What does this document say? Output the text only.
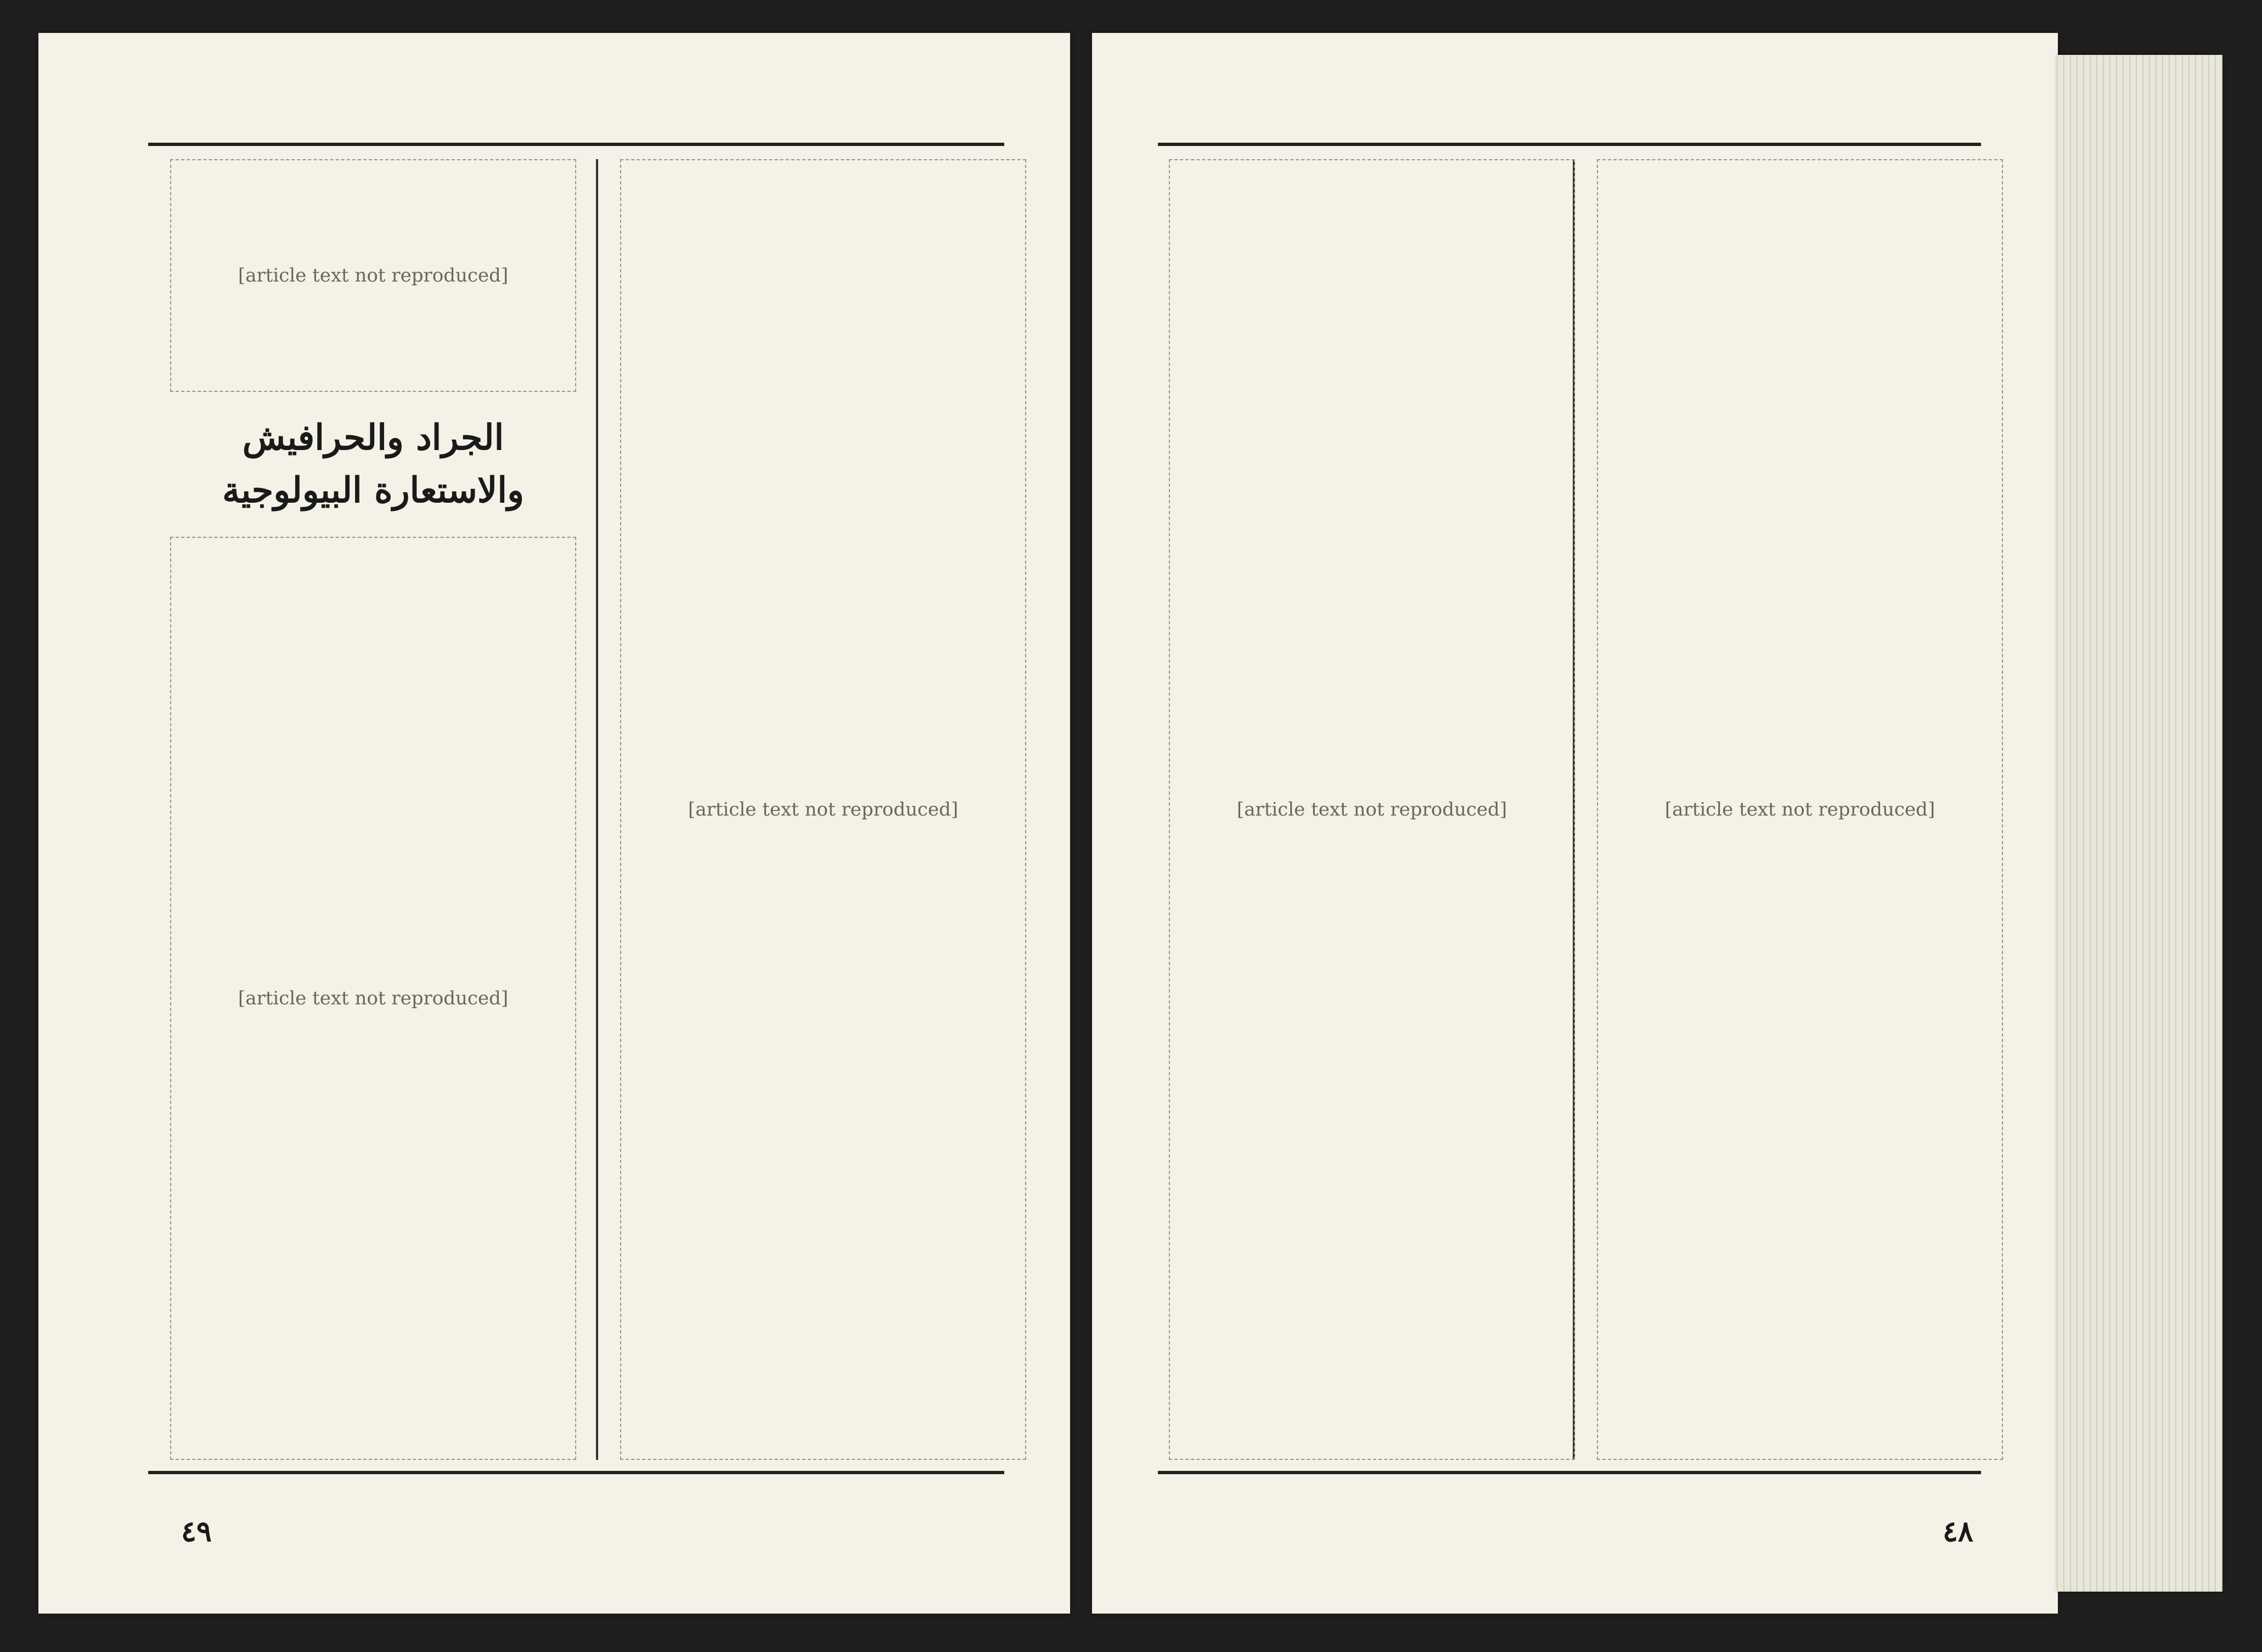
[article text not reproduced]
[article text not reproduced]
الجراد والحرافيش والاستعارة البيولوجية
[article text not reproduced]
٤٩
[article text not reproduced]
[article text not reproduced]
٤٨
